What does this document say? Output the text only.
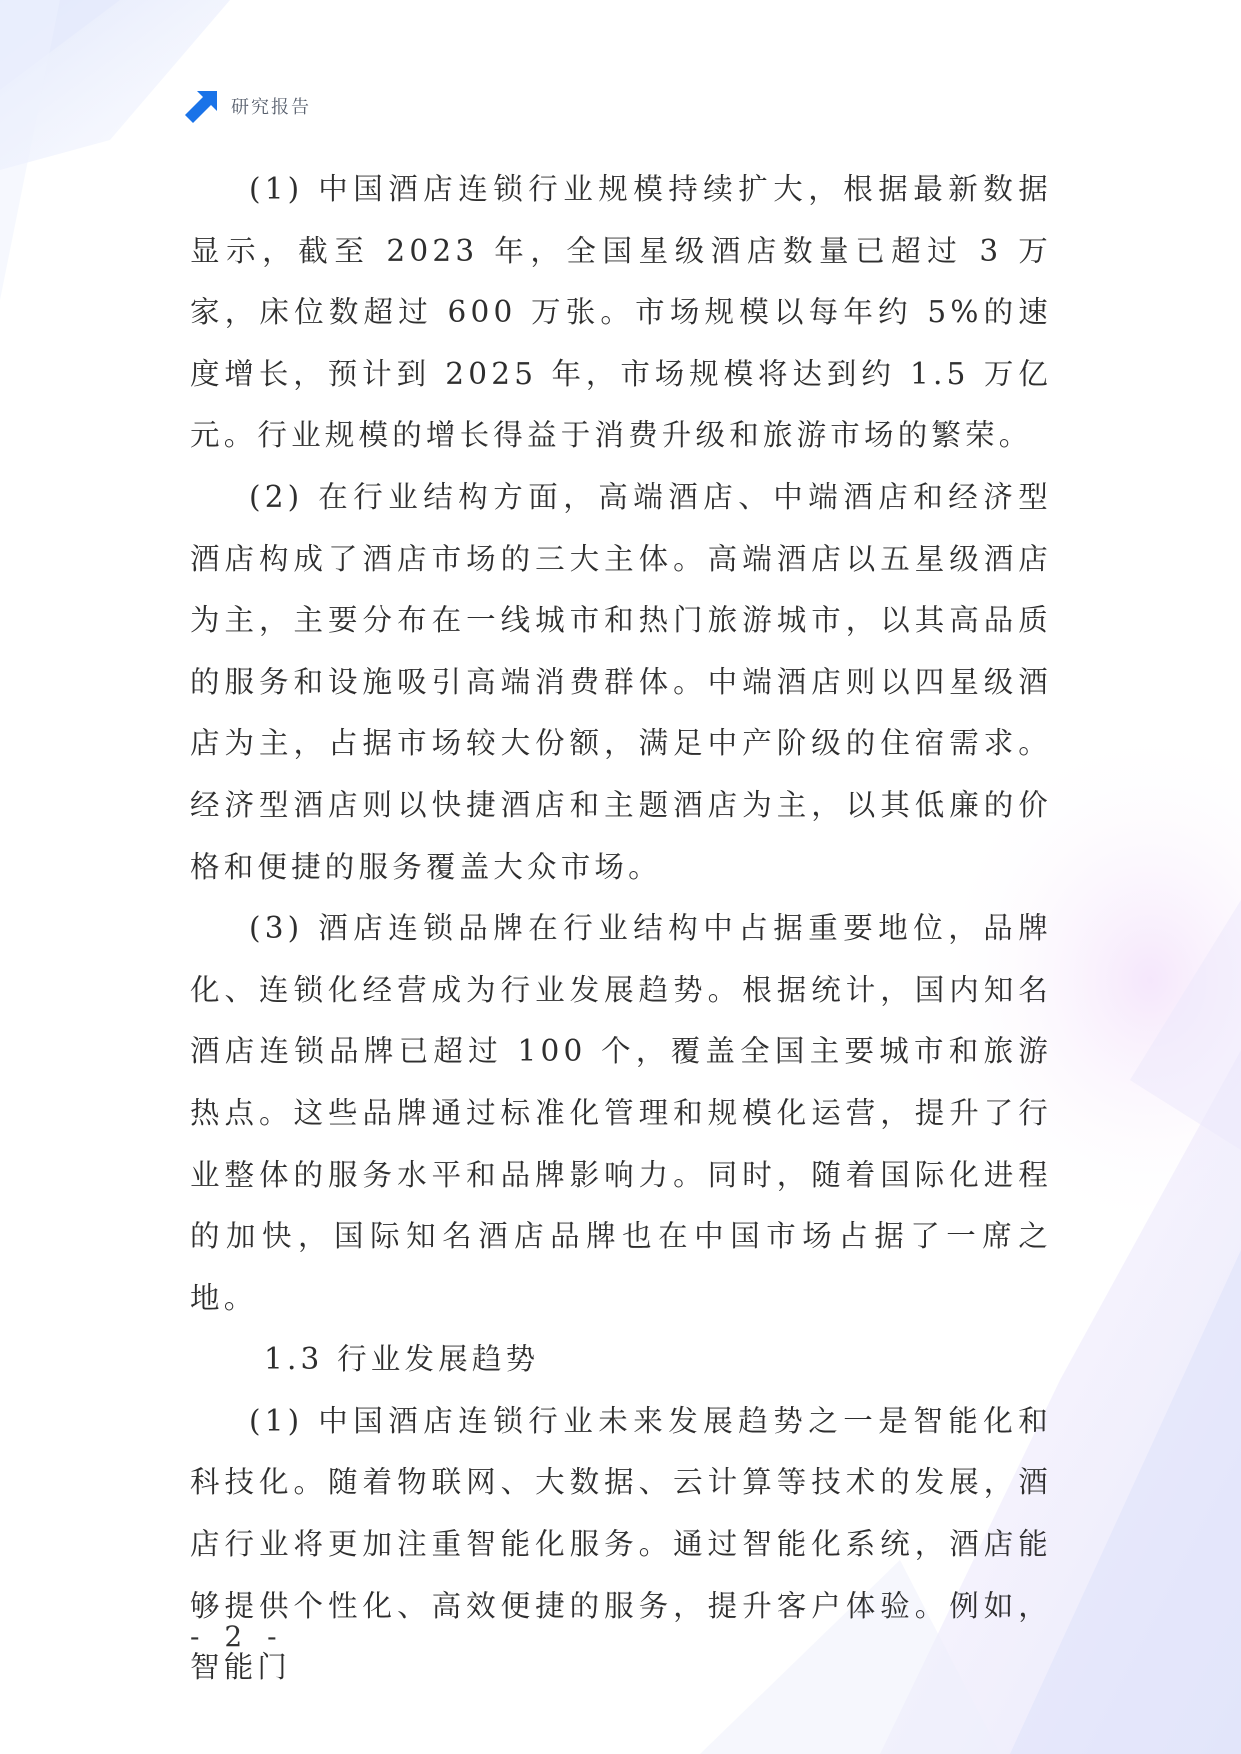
研究报告

(1) 中国酒店连锁行业规模持续扩大，根据最新数据显示，截至 2023 年，全国星级酒店数量已超过 3 万家，床位数超过 600 万张。市场规模以每年约 5%的速度增长，预计到 2025 年，市场规模将达到约 1.5 万亿元。行业规模的增长得益于消费升级和旅游市场的繁荣。

(2) 在行业结构方面，高端酒店、中端酒店和经济型酒店构成了酒店市场的三大主体。高端酒店以五星级酒店为主，主要分布在一线城市和热门旅游城市，以其高品质的服务和设施吸引高端消费群体。中端酒店则以四星级酒店为主，占据市场较大份额，满足中产阶级的住宿需求。经济型酒店则以快捷酒店和主题酒店为主，以其低廉的价格和便捷的服务覆盖大众市场。

(3) 酒店连锁品牌在行业结构中占据重要地位，品牌化、连锁化经营成为行业发展趋势。根据统计，国内知名酒店连锁品牌已超过 100 个，覆盖全国主要城市和旅游热点。这些品牌通过标准化管理和规模化运营，提升了行业整体的服务水平和品牌影响力。同时，随着国际化进程的加快，国际知名酒店品牌也在中国市场占据了一席之地。

1.3 行业发展趋势

(1) 中国酒店连锁行业未来发展趋势之一是智能化和科技化。随着物联网、大数据、云计算等技术的发展，酒店行业将更加注重智能化服务。通过智能化系统，酒店能够提供个性化、高效便捷的服务，提升客户体验。例如，智能门

- 2 -
